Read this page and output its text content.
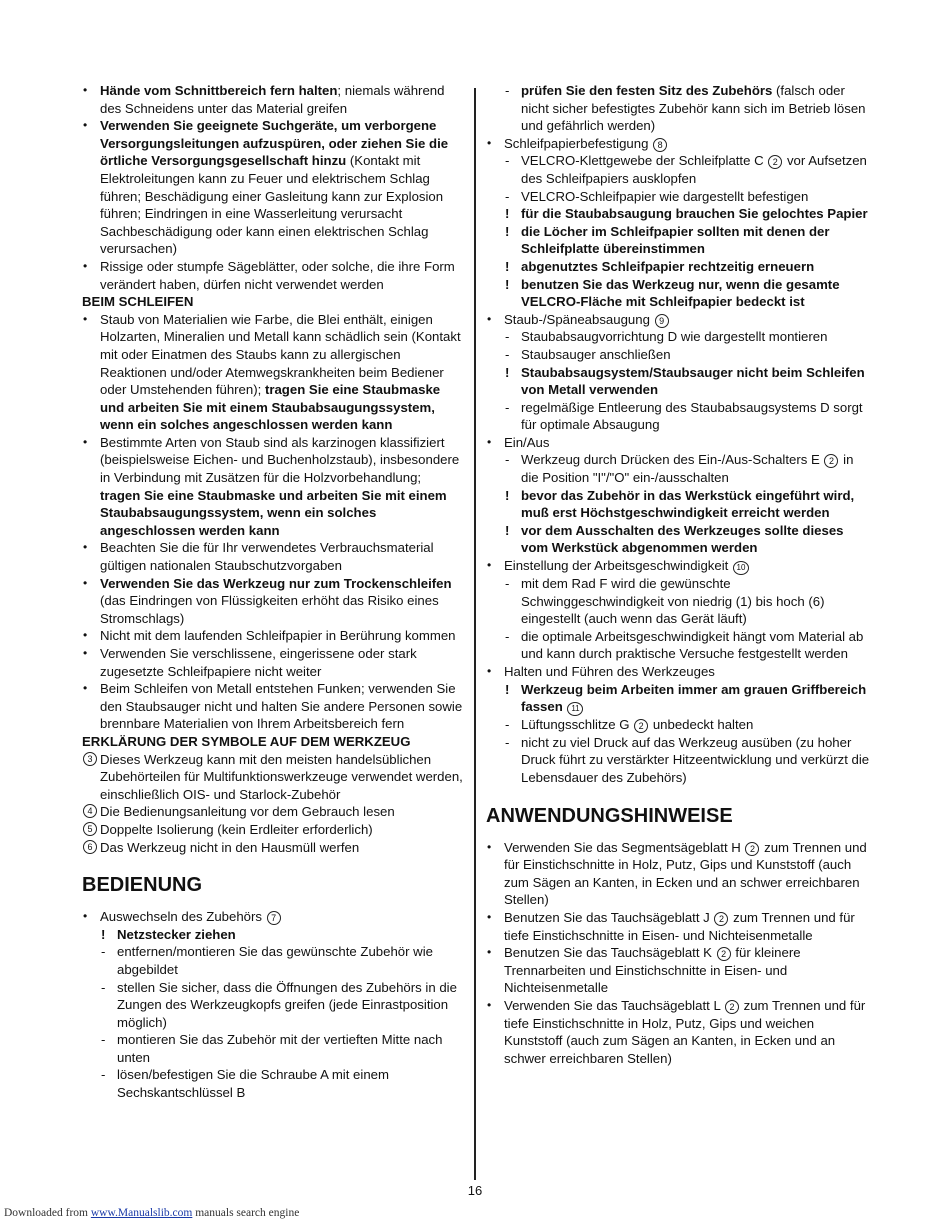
• Hände vom Schnittbereich fern halten; niemals während des Schneidens unter das Material greifen
• Verwenden Sie geeignete Suchgeräte, um verborgene Versorgungsleitungen aufzuspüren, oder ziehen Sie die örtliche Versorgungsgesellschaft hinzu (Kontakt mit Elektroleitungen kann zu Feuer und elektrischem Schlag führen; Beschädigung einer Gasleitung kann zur Explosion führen; Eindringen in eine Wasserleitung verursacht Sachbeschädigung oder kann einen elektrischen Schlag verursachen)
• Rissige oder stumpfe Sägeblätter, oder solche, die ihre Form verändert haben, dürfen nicht verwendet werden
BEIM SCHLEIFEN
• Staub von Materialien wie Farbe, die Blei enthält, einigen Holzarten, Mineralien und Metall kann schädlich sein (Kontakt mit oder Einatmen des Staubs kann zu allergischen Reaktionen und/oder Atemwegskrankheiten beim Bediener oder Umstehenden führen); tragen Sie eine Staubmaske und arbeiten Sie mit einem Staubabsaugungssystem, wenn ein solches angeschlossen werden kann
• Bestimmte Arten von Staub sind als karzinogen klassifiziert (beispielsweise Eichen- und Buchenholzstaub), insbesondere in Verbindung mit Zusätzen für die Holzvorbehandlung; tragen Sie eine Staubmaske und arbeiten Sie mit einem Staubabsaugungssystem, wenn ein solches angeschlossen werden kann
• Beachten Sie die für Ihr verwendetes Verbrauchsmaterial gültigen nationalen Staubschutzvorgaben
• Verwenden Sie das Werkzeug nur zum Trockenschleifen (das Eindringen von Flüssigkeiten erhöht das Risiko eines Stromschlags)
• Nicht mit dem laufenden Schleifpapier in Berührung kommen
• Verwenden Sie verschlissene, eingerissene oder stark zugesetzte Schleifpapiere nicht weiter
• Beim Schleifen von Metall entstehen Funken; verwenden Sie den Staubsauger nicht und halten Sie andere Personen sowie brennbare Materialien von Ihrem Arbeitsbereich fern
ERKLÄRUNG DER SYMBOLE AUF DEM WERKZEUG
3 Dieses Werkzeug kann mit den meisten handelsüblichen Zubehörteilen für Multifunktionswerkzeuge verwendet werden, einschließlich OIS- und Starlock-Zubehör
4 Die Bedienungsanleitung vor dem Gebrauch lesen
5 Doppelte Isolierung (kein Erdleiter erforderlich)
6 Das Werkzeug nicht in den Hausmüll werfen
BEDIENUNG
• Auswechseln des Zubehörs 7
! Netzstecker ziehen
- entfernen/montieren Sie das gewünschte Zubehör wie abgebildet
- stellen Sie sicher, dass die Öffnungen des Zubehörs in die Zungen des Werkzeugkopfs greifen (jede Einrastposition möglich)
- montieren Sie das Zubehör mit der vertieften Mitte nach unten
- lösen/befestigen Sie die Schraube A mit einem Sechskantschlüssel B
- prüfen Sie den festen Sitz des Zubehörs (falsch oder nicht sicher befestigtes Zubehör kann sich im Betrieb lösen und gefährlich werden)
• Schleifpapierbefestigung 8
- VELCRO-Klettgewebe der Schleifplatte C 2 vor Aufsetzen des Schleifpapiers ausklopfen
- VELCRO-Schleifpapier wie dargestellt befestigen
! für die Staubabsaugung brauchen Sie gelochtes Papier
! die Löcher im Schleifpapier sollten mit denen der Schleifplatte übereinstimmen
! abgenutztes Schleifpapier rechtzeitig erneuern
! benutzen Sie das Werkzeug nur, wenn die gesamte VELCRO-Fläche mit Schleifpapier bedeckt ist
• Staub-/Späneabsaugung 9
- Staubabsaugvorrichtung D wie dargestellt montieren
- Staubsauger anschließen
! Staubabsaugsystem/Staubsauger nicht beim Schleifen von Metall verwenden
- regelmäßige Entleerung des Staubabsaugsystems D sorgt für optimale Absaugung
• Ein/Aus
- Werkzeug durch Drücken des Ein-/Aus-Schalters E 2 in die Position "I"/"O" ein-/ausschalten
! bevor das Zubehör in das Werkstück eingeführt wird, muß erst Höchstgeschwindigkeit erreicht werden
! vor dem Ausschalten des Werkzeuges sollte dieses vom Werkstück abgenommen werden
• Einstellung der Arbeitsgeschwindigkeit 10
- mit dem Rad F wird die gewünschte Schwinggeschwindigkeit von niedrig (1) bis hoch (6) eingestellt (auch wenn das Gerät läuft)
- die optimale Arbeitsgeschwindigkeit hängt vom Material ab und kann durch praktische Versuche festgestellt werden
• Halten und Führen des Werkzeuges
! Werkzeug beim Arbeiten immer am grauen Griffbereich fassen 11
- Lüftungsschlitze G 2 unbedeckt halten
- nicht zu viel Druck auf das Werkzeug ausüben (zu hoher Druck führt zu verstärkter Hitzeentwicklung und verkürzt die Lebensdauer des Zubehörs)
ANWENDUNGSHINWEISE
• Verwenden Sie das Segmentsägeblatt H 2 zum Trennen und für Einstichschnitte in Holz, Putz, Gips und Kunststoff (auch zum Sägen an Kanten, in Ecken und an schwer erreichbaren Stellen)
• Benutzen Sie das Tauchsägeblatt J 2 zum Trennen und für tiefe Einstichschnitte in Eisen- und Nichteisenmetalle
• Benutzen Sie das Tauchsägeblatt K 2 für kleinere Trennarbeiten und Einstichschnitte in Eisen- und Nichteisenmetalle
• Verwenden Sie das Tauchsägeblatt L 2 zum Trennen und für tiefe Einstichschnitte in Holz, Putz, Gips und weichen Kunststoff (auch zum Sägen an Kanten, in Ecken und an schwer erreichbaren Stellen)
16
Downloaded from www.Manualslib.com manuals search engine
